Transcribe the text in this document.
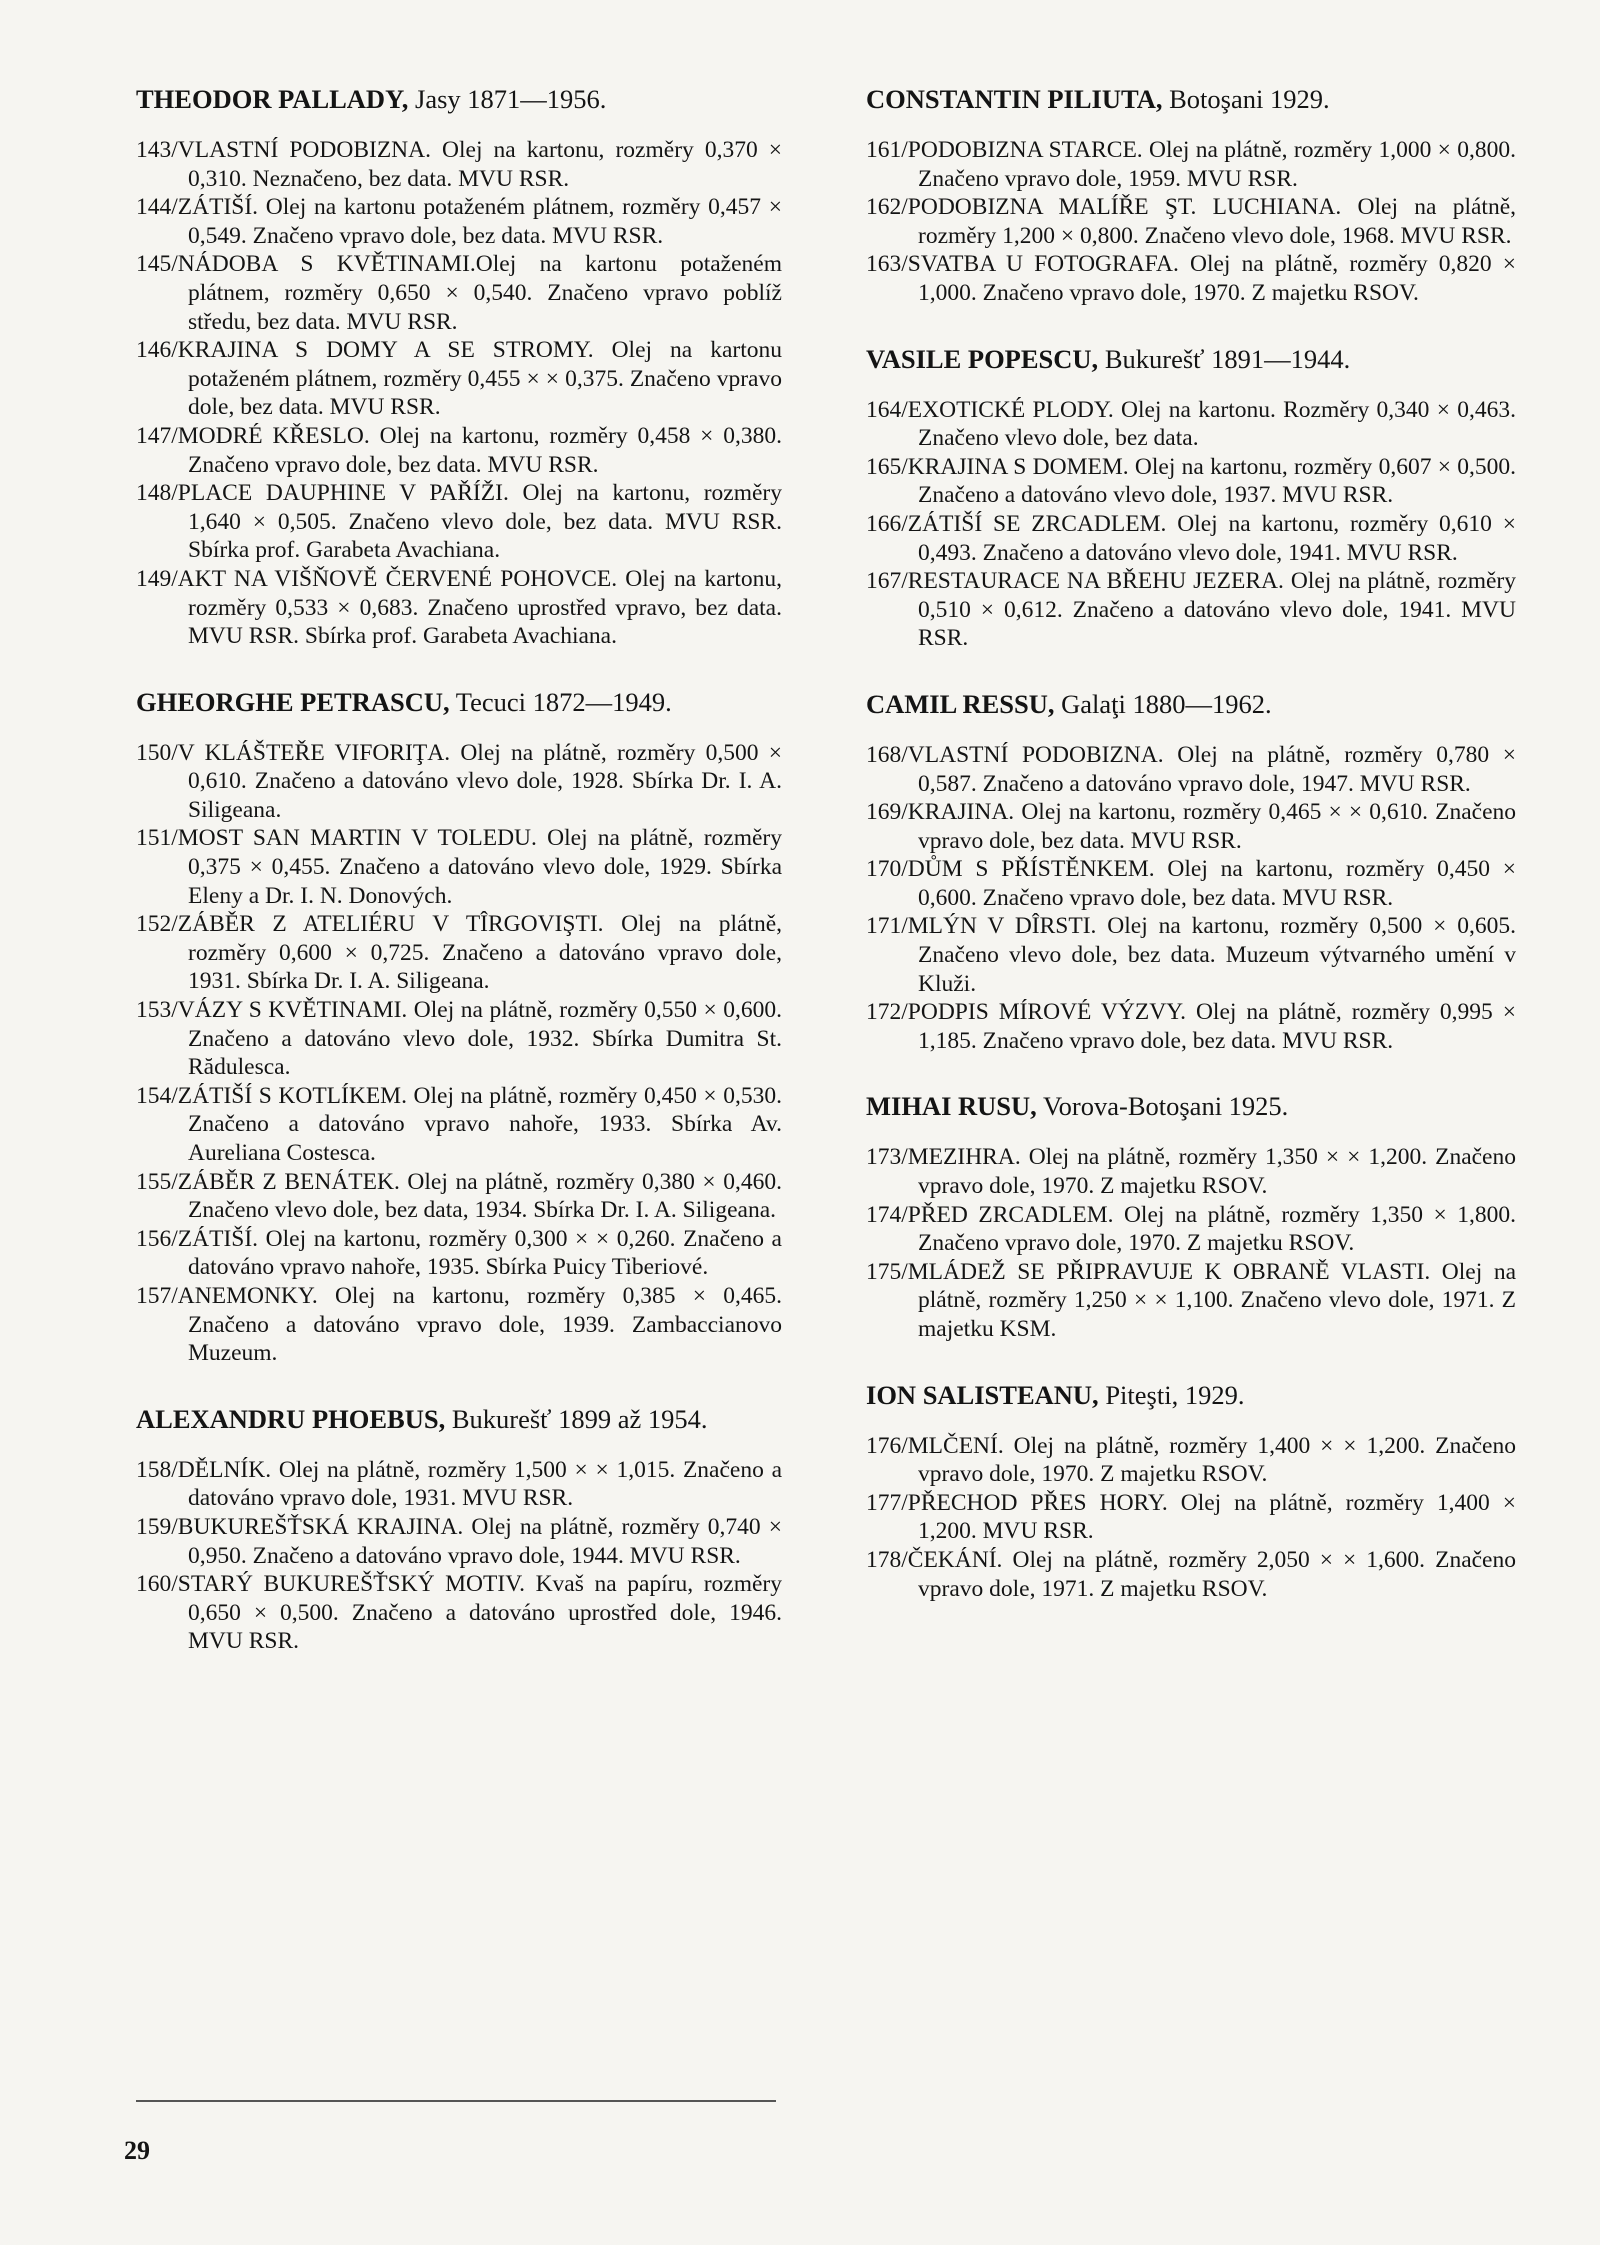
THEODOR PALLADY, Jasy 1871—1956.

143/VLASTNÍ PODOBIZNA. Olej na kartonu, rozměry 0,370 × 0,310. Neznačeno, bez data. MVU RSR.

144/ZÁTIŠÍ. Olej na kartonu potaženém plátnem, rozměry 0,457 × 0,549. Značeno vpravo dole, bez data. MVU RSR.

145/NÁDOBA S KVĚTINAMI.Olej na kartonu potaženém plátnem, rozměry 0,650 × 0,540. Značeno vpravo poblíž středu, bez data. MVU RSR.

146/KRAJINA S DOMY A SE STROMY. Olej na kartonu potaženém plátnem, rozměry 0,455 × × 0,375. Značeno vpravo dole, bez data. MVU RSR.

147/MODRÉ KŘESLO. Olej na kartonu, rozměry 0,458 × 0,380. Značeno vpravo dole, bez data. MVU RSR.

148/PLACE DAUPHINE V PAŘÍŽI. Olej na kartonu, rozměry 1,640 × 0,505. Značeno vlevo dole, bez data. MVU RSR. Sbírka prof. Garabeta Avachiana.

149/AKT NA VIŠŇOVĚ ČERVENÉ POHOVCE. Olej na kartonu, rozměry 0,533 × 0,683. Značeno uprostřed vpravo, bez data. MVU RSR. Sbírka prof. Garabeta Avachiana.

GHEORGHE PETRASCU, Tecuci 1872—1949.

150/V KLÁŠTEŘE VIFORIŢA. Olej na plátně, rozměry 0,500 × 0,610. Značeno a datováno vlevo dole, 1928. Sbírka Dr. I. A. Siligeana.

151/MOST SAN MARTIN V TOLEDU. Olej na plátně, rozměry 0,375 × 0,455. Značeno a datováno vlevo dole, 1929. Sbírka Eleny a Dr. I. N. Donových.

152/ZÁBĚR Z ATELIÉRU V TÎRGOVIŞTI. Olej na plátně, rozměry 0,600 × 0,725. Značeno a datováno vpravo dole, 1931. Sbírka Dr. I. A. Siligeana.

153/VÁZY S KVĚTINAMI. Olej na plátně, rozměry 0,550 × 0,600. Značeno a datováno vlevo dole, 1932. Sbírka Dumitra St. Rădulesca.

154/ZÁTIŠÍ S KOTLÍKEM. Olej na plátně, rozměry 0,450 × 0,530. Značeno a datováno vpravo nahoře, 1933. Sbírka Av. Aureliana Costesca.

155/ZÁBĚR Z BENÁTEK. Olej na plátně, rozměry 0,380 × 0,460. Značeno vlevo dole, bez data, 1934. Sbírka Dr. I. A. Siligeana.

156/ZÁTIŠÍ. Olej na kartonu, rozměry 0,300 × × 0,260. Značeno a datováno vpravo nahoře, 1935. Sbírka Puicy Tiberiové.

157/ANEMONKY. Olej na kartonu, rozměry 0,385 × 0,465. Značeno a datováno vpravo dole, 1939. Zambaccianovo Muzeum.

ALEXANDRU PHOEBUS, Bukurešť 1899 až 1954.

158/DĚLNÍK. Olej na plátně, rozměry 1,500 × × 1,015. Značeno a datováno vpravo dole, 1931. MVU RSR.

159/BUKUREŠŤSKÁ KRAJINA. Olej na plátně, rozměry 0,740 × 0,950. Značeno a datováno vpravo dole, 1944. MVU RSR.

160/STARÝ BUKUREŠŤSKÝ MOTIV. Kvaš na papíru, rozměry 0,650 × 0,500. Značeno a datováno uprostřed dole, 1946. MVU RSR.

CONSTANTIN PILIUTA, Botoşani 1929.

161/PODOBIZNA STARCE. Olej na plátně, rozměry 1,000 × 0,800. Značeno vpravo dole, 1959. MVU RSR.

162/PODOBIZNA MALÍŘE ŞT. LUCHIANA. Olej na plátně, rozměry 1,200 × 0,800. Značeno vlevo dole, 1968. MVU RSR.

163/SVATBA U FOTOGRAFA. Olej na plátně, rozměry 0,820 × 1,000. Značeno vpravo dole, 1970. Z majetku RSOV.

VASILE POPESCU, Bukurešť 1891—1944.

164/EXOTICKÉ PLODY. Olej na kartonu. Rozměry 0,340 × 0,463. Značeno vlevo dole, bez data.

165/KRAJINA S DOMEM. Olej na kartonu, rozměry 0,607 × 0,500. Značeno a datováno vlevo dole, 1937. MVU RSR.

166/ZÁTIŠÍ SE ZRCADLEM. Olej na kartonu, rozměry 0,610 × 0,493. Značeno a datováno vlevo dole, 1941. MVU RSR.

167/RESTAURACE NA BŘEHU JEZERA. Olej na plátně, rozměry 0,510 × 0,612. Značeno a datováno vlevo dole, 1941. MVU RSR.

CAMIL RESSU, Galaţi 1880—1962.

168/VLASTNÍ PODOBIZNA. Olej na plátně, rozměry 0,780 × 0,587. Značeno a datováno vpravo dole, 1947. MVU RSR.

169/KRAJINA. Olej na kartonu, rozměry 0,465 × × 0,610. Značeno vpravo dole, bez data. MVU RSR.

170/DŮM S PŘÍSTĚNKEM. Olej na kartonu, rozměry 0,450 × 0,600. Značeno vpravo dole, bez data. MVU RSR.

171/MLÝN V DÎRSTI. Olej na kartonu, rozměry 0,500 × 0,605. Značeno vlevo dole, bez data. Muzeum výtvarného umění v Kluži.

172/PODPIS MÍROVÉ VÝZVY. Olej na plátně, rozměry 0,995 × 1,185. Značeno vpravo dole, bez data. MVU RSR.

MIHAI RUSU, Vorova-Botoşani 1925.

173/MEZIHRA. Olej na plátně, rozměry 1,350 × × 1,200. Značeno vpravo dole, 1970. Z majetku RSOV.

174/PŘED ZRCADLEM. Olej na plátně, rozměry 1,350 × 1,800. Značeno vpravo dole, 1970. Z majetku RSOV.

175/MLÁDEŽ SE PŘIPRAVUJE K OBRANĚ VLASTI. Olej na plátně, rozměry 1,250 × × 1,100. Značeno vlevo dole, 1971. Z majetku KSM.

ION SALISTEANU, Piteşti, 1929.

176/MLČENÍ. Olej na plátně, rozměry 1,400 × × 1,200. Značeno vpravo dole, 1970. Z majetku RSOV.

177/PŘECHOD PŘES HORY. Olej na plátně, rozměry 1,400 × 1,200. MVU RSR.

178/ČEKÁNÍ. Olej na plátně, rozměry 2,050 × × 1,600. Značeno vpravo dole, 1971. Z majetku RSOV.

29
